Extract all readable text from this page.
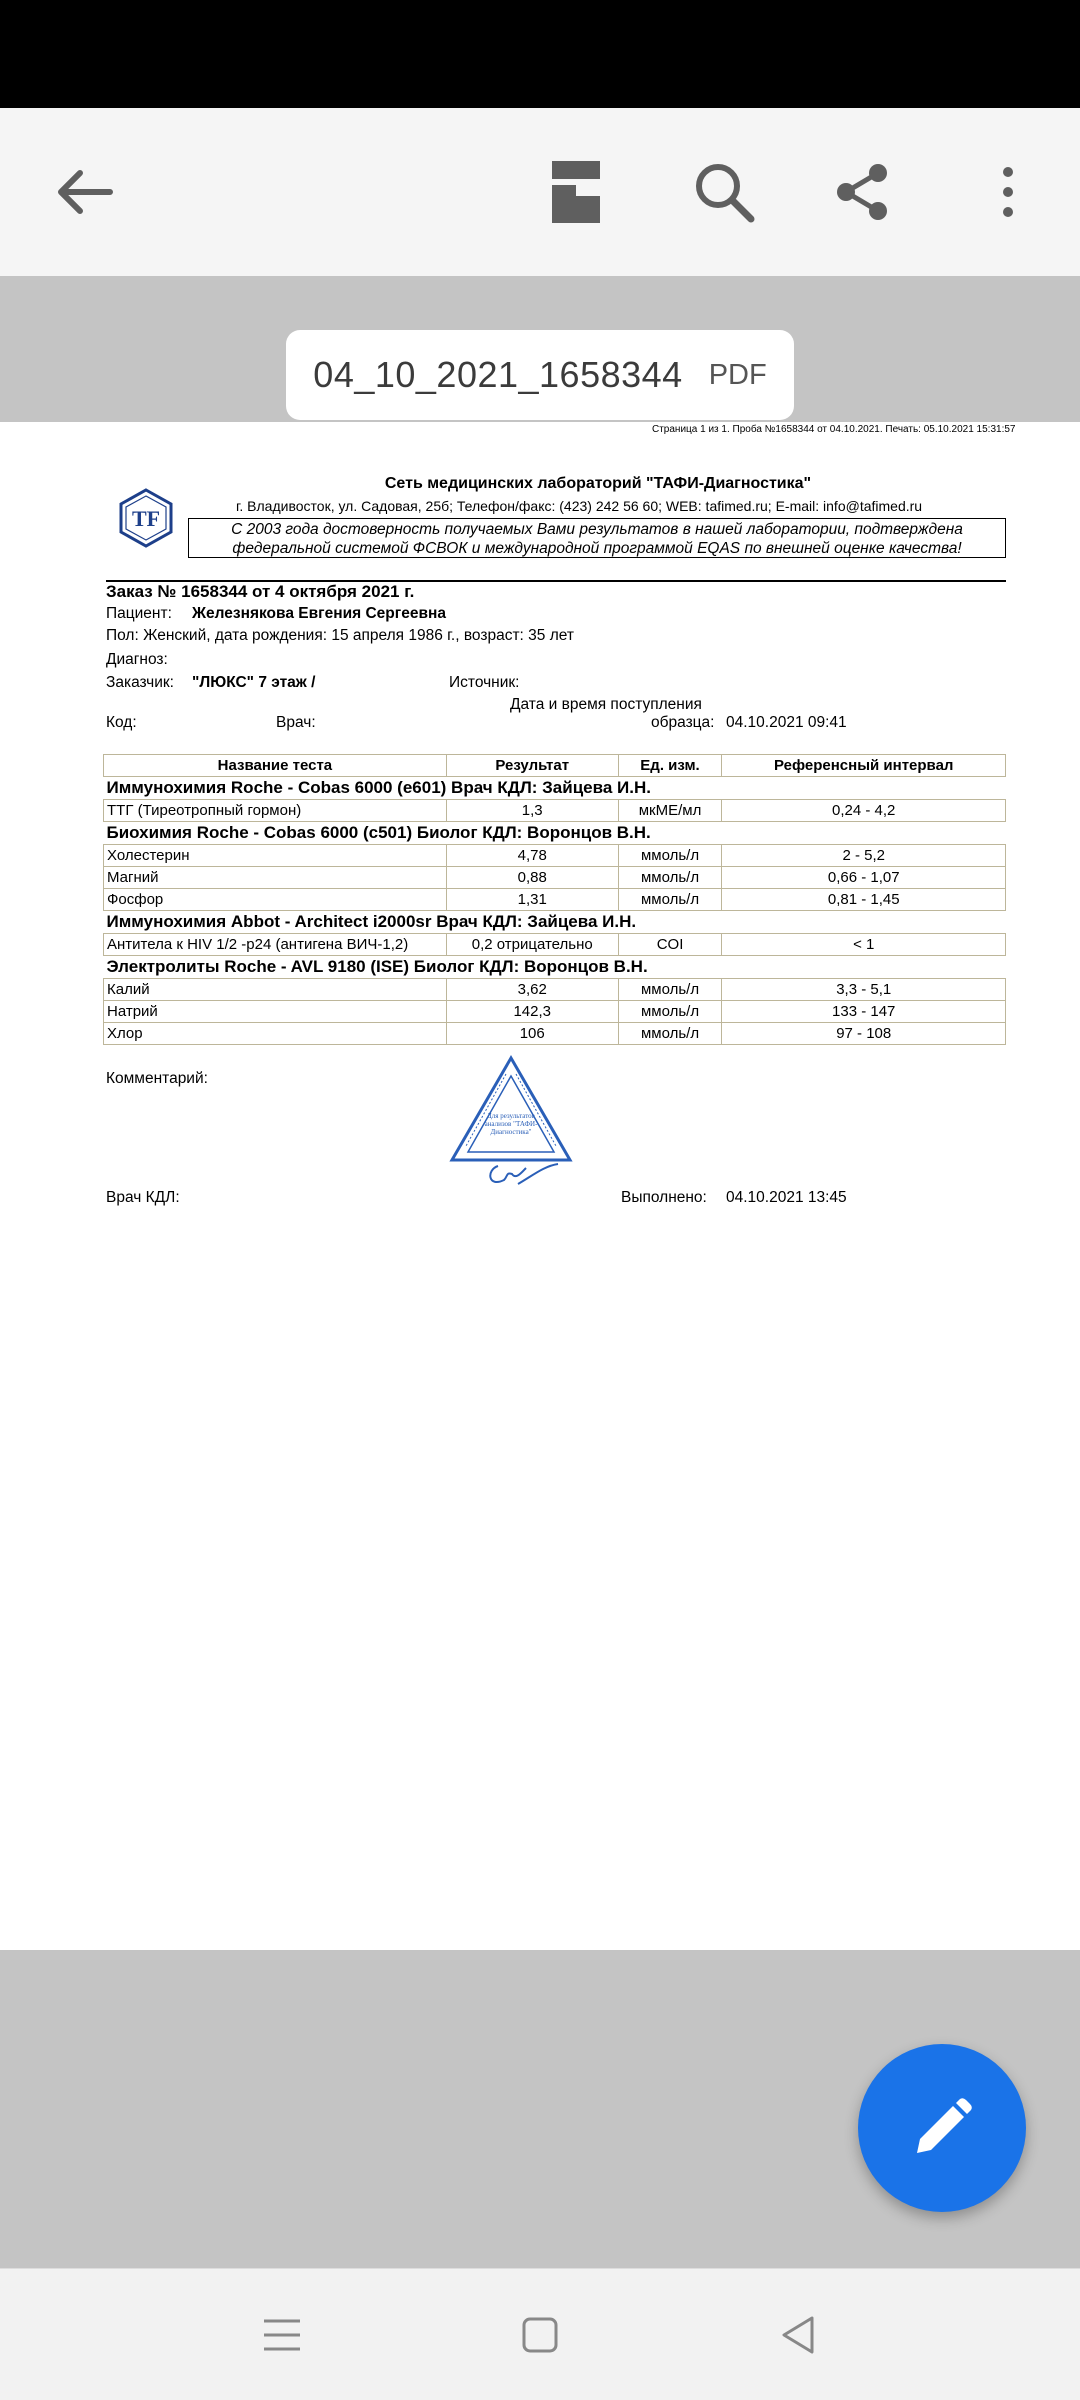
04_10_2021_1658344 PDF
Страница 1 из 1. Проба №1658344 от 04.10.2021. Печать: 05.10.2021 15:31:57
TF
Сеть медицинских лабораторий "ТАФИ-Диагностика"
г. Владивосток, ул. Садовая, 25б; Телефон/факс: (423) 242 56 60; WEB: tafimed.ru; E-mail: info@tafimed.ru
С 2003 года достоверность получаемых Вами результатов в нашей лаборатории, подтверждена
федеральной системой ФСВОК и международной программой EQAS по внешней оценке качества!
Заказ № 1658344 от 4 октября 2021 г.
Пациент: Железнякова Евгения Сергеевна
Пол: Женский, дата рождения: 15 апреля 1986 г., возраст: 35 лет
Диагноз:
Заказчик: "ЛЮКС" 7 этаж /	Источник:
Дата и время поступления
Код:	Врач:	образца: 04.10.2021 09:41
Название теста	Результат	Ед. изм.	Референсный интервал
Иммунохимия Roche - Cobas 6000 (e601) Врач КДЛ: Зайцева И.Н.			
ТТГ (Тиреотропный гормон)	1,3	мкМЕ/мл	0,24 - 4,2
Биохимия Roche - Cobas 6000 (c501) Биолог КДЛ: Воронцов В.Н.			
Холестерин	4,78	ммоль/л	2 - 5,2
Магний	0,88	ммоль/л	0,66 - 1,07
Фосфор	1,31	ммоль/л	0,81 - 1,45
Иммунохимия Abbot - Architect i2000sr Врач КДЛ: Зайцева И.Н.			
Антитела к HIV 1/2 -p24 (антигена ВИЧ-1,2)	0,2 отрицательно	COI	< 1
Электролиты Roche - AVL 9180 (ISE) Биолог КДЛ: Воронцов В.Н.			
Калий	3,62	ммоль/л	3,3 - 5,1
Натрий	142,3	ммоль/л	133 - 147
Хлор	106	ммоль/л	97 - 108
Комментарий:
Для результатов анализов "ТАФИ-Диагностика"
Врач КДЛ:	Выполнено: 04.10.2021 13:45
